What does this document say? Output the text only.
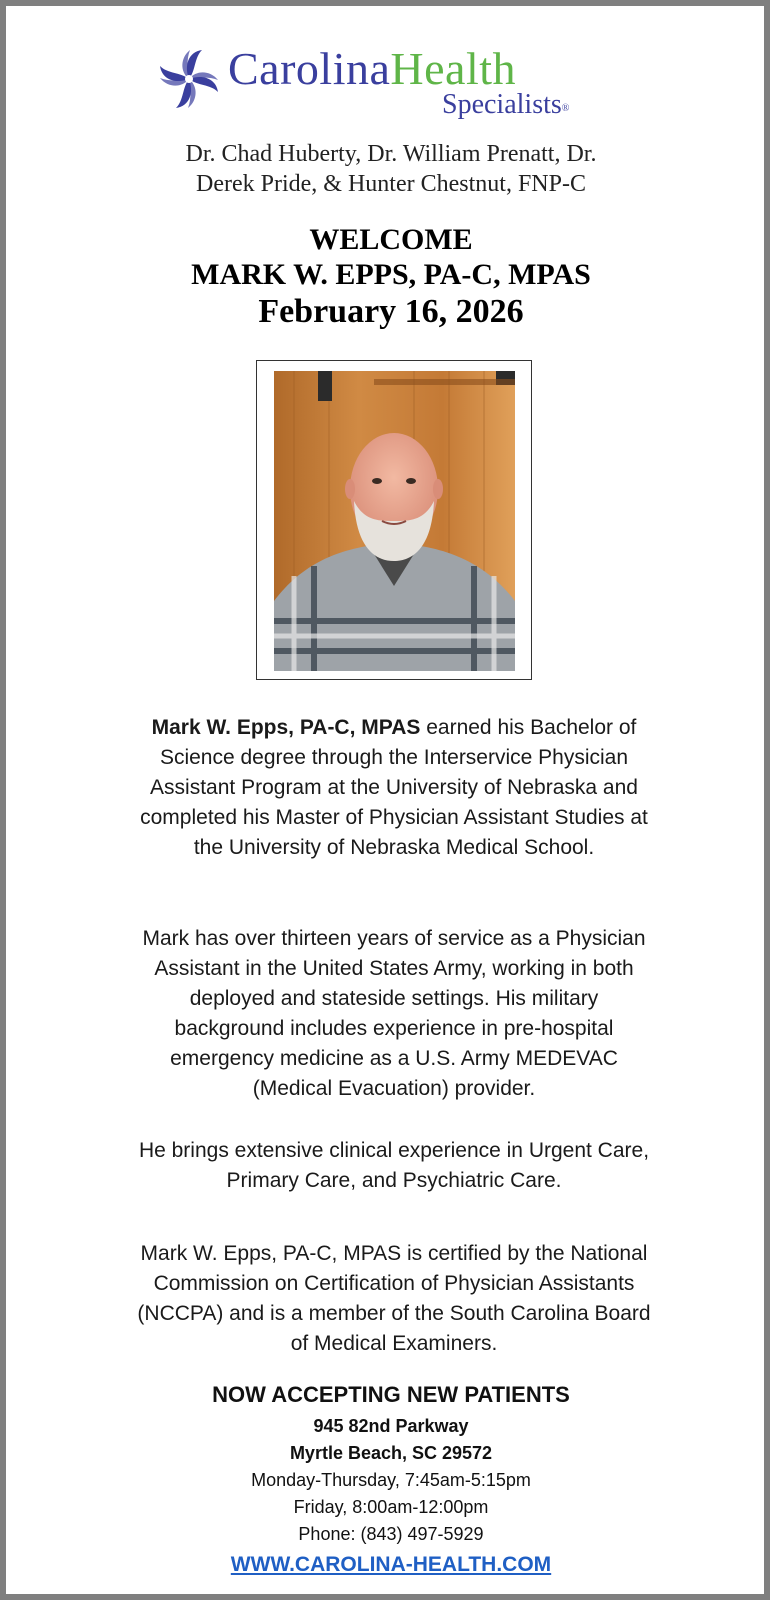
CarolinaHealth
Specialists®
Dr. Chad Huberty, Dr. William Prenatt, Dr.
Derek Pride, & Hunter Chestnut, FNP-C
WELCOME
MARK W. EPPS, PA-C, MPAS
February 16, 2026
Mark W. Epps, PA-C, MPAS earned his Bachelor of Science degree through the Interservice Physician Assistant Program at the University of Nebraska and completed his Master of Physician Assistant Studies at the University of Nebraska Medical School.
Mark has over thirteen years of service as a Physician Assistant in the United States Army, working in both deployed and stateside settings. His military background includes experience in pre-hospital emergency medicine as a U.S. Army MEDEVAC (Medical Evacuation) provider.
He brings extensive clinical experience in Urgent Care, Primary Care, and Psychiatric Care.
Mark W. Epps, PA-C, MPAS is certified by the National Commission on Certification of Physician Assistants (NCCPA) and is a member of the South Carolina Board of Medical Examiners.
NOW ACCEPTING NEW PATIENTS
945 82nd Parkway
Myrtle Beach, SC 29572
Monday-Thursday, 7:45am-5:15pm
Friday, 8:00am-12:00pm
Phone: (843) 497-5929
WWW.CAROLINA-HEALTH.COM
